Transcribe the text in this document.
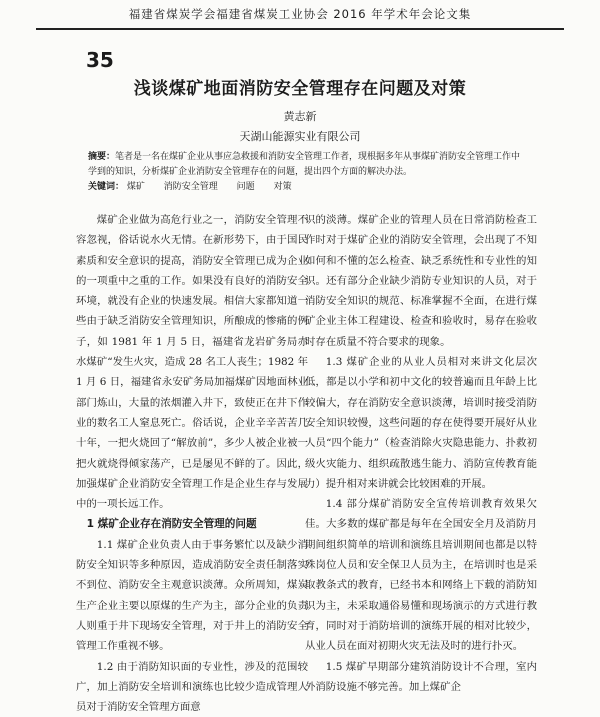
福建省煤炭学会福建省煤炭工业协会 2016 年学术年会论文集
35
浅谈煤矿地面消防安全管理存在问题及对策
黄志新
天湖山能源实业有限公司
摘要：笔者是一名在煤矿企业从事应急救援和消防安全管理工作者，现根据多年从事煤矿消防安全管理工作中学到的知识，分析煤矿企业消防安全管理存在的问题，提出四个方面的解决办法。
关键词： 煤矿 消防安全管理 问题 对策

煤矿企业做为高危行业之一，消防安全管理不容忽视，俗话说水火无情。在新形势下，由于国民素质和安全意识的提高，消防安全管理已成为企业的一项重中之重的工作。如果没有良好的消防安全环境，就没有企业的快速发展。相信大家都知道一些由于缺乏消防安全管理知识，所酿成的惨痛的例子，如 1981 年 1 月 5 日，福建省龙岩矿务局赤水煤矿“发生火灾，造成 28 名工人丧生；1982 年 1 月 6 日，福建省永安矿务局加福煤矿因地面林业部门炼山，大量的浓烟灌入井下，致使正在井下作业的数名工人窒息死亡。俗话说，企业辛辛苦苦几十年，一把火烧回了“解放前”，多少人被企业被一把火就烧得倾家荡产，已是屡见不鲜的了。因此，加强煤矿企业消防安全管理工作是企业生存与发展中的一项长远工作。

1 煤矿企业存在消防安全管理的问题

1.1 煤矿企业负责人由于事务繁忙以及缺少消防安全知识等多种原因，造成消防安全责任制落实不到位、消防安全主观意识淡薄。众所周知，煤炭生产企业主要以原煤的生产为主，部分企业的负责人则重于井下现场安全管理，对于井上的消防安全管理工作重视不够。

1.2 由于消防知识面的专业性，涉及的范围较广，加上消防安全培训和演练也比较少造成管理人员对于消防安全管理方面意

识的淡薄。煤矿企业的管理人员在日常消防检查工作时对于煤矿企业的消防安全管理，会出现了不知如何和不懂的怎么检查、缺乏系统性和专业性的知识。还有部分企业缺少消防专业知识的人员，对于消防安全知识的规范、标准掌握不全面，在进行煤矿企业主体工程建设、检查和验收时，易存在验收时存在质量不符合要求的现象。

1.3 煤矿企业的从业人员相对来讲文化层次低，都是以小学和初中文化的较普遍而且年龄上比较偏大，存在消防安全意识淡薄，培训时接受消防安全知识较慢，这些问题的存在使得要开展好从业人员“四个能力”（检查消除火灾隐患能力、扑救初级火灾能力、组织疏散逃生能力、消防宣传教育能力）提升相对来讲就会比较困难的开展。

1.4 部分煤矿消防安全宣传培训教育效果欠佳。大多数的煤矿都是每年在全国安全月及消防月期间组织简单的培训和演练且培训期间也都是以特殊岗位人员和安全保卫人员为主，在培训时也是采取教条式的教育，已经书本和网络上下载的消防知识为主，未采取通俗易懂和现场演示的方式进行教育，同时对于消防培训的演练开展的相对比较少，从业人员在面对初期火灾无法及时的进行扑灭。

1.5 煤矿早期部分建筑消防设计不合理，室内外消防设施不够完善。加上煤矿企
